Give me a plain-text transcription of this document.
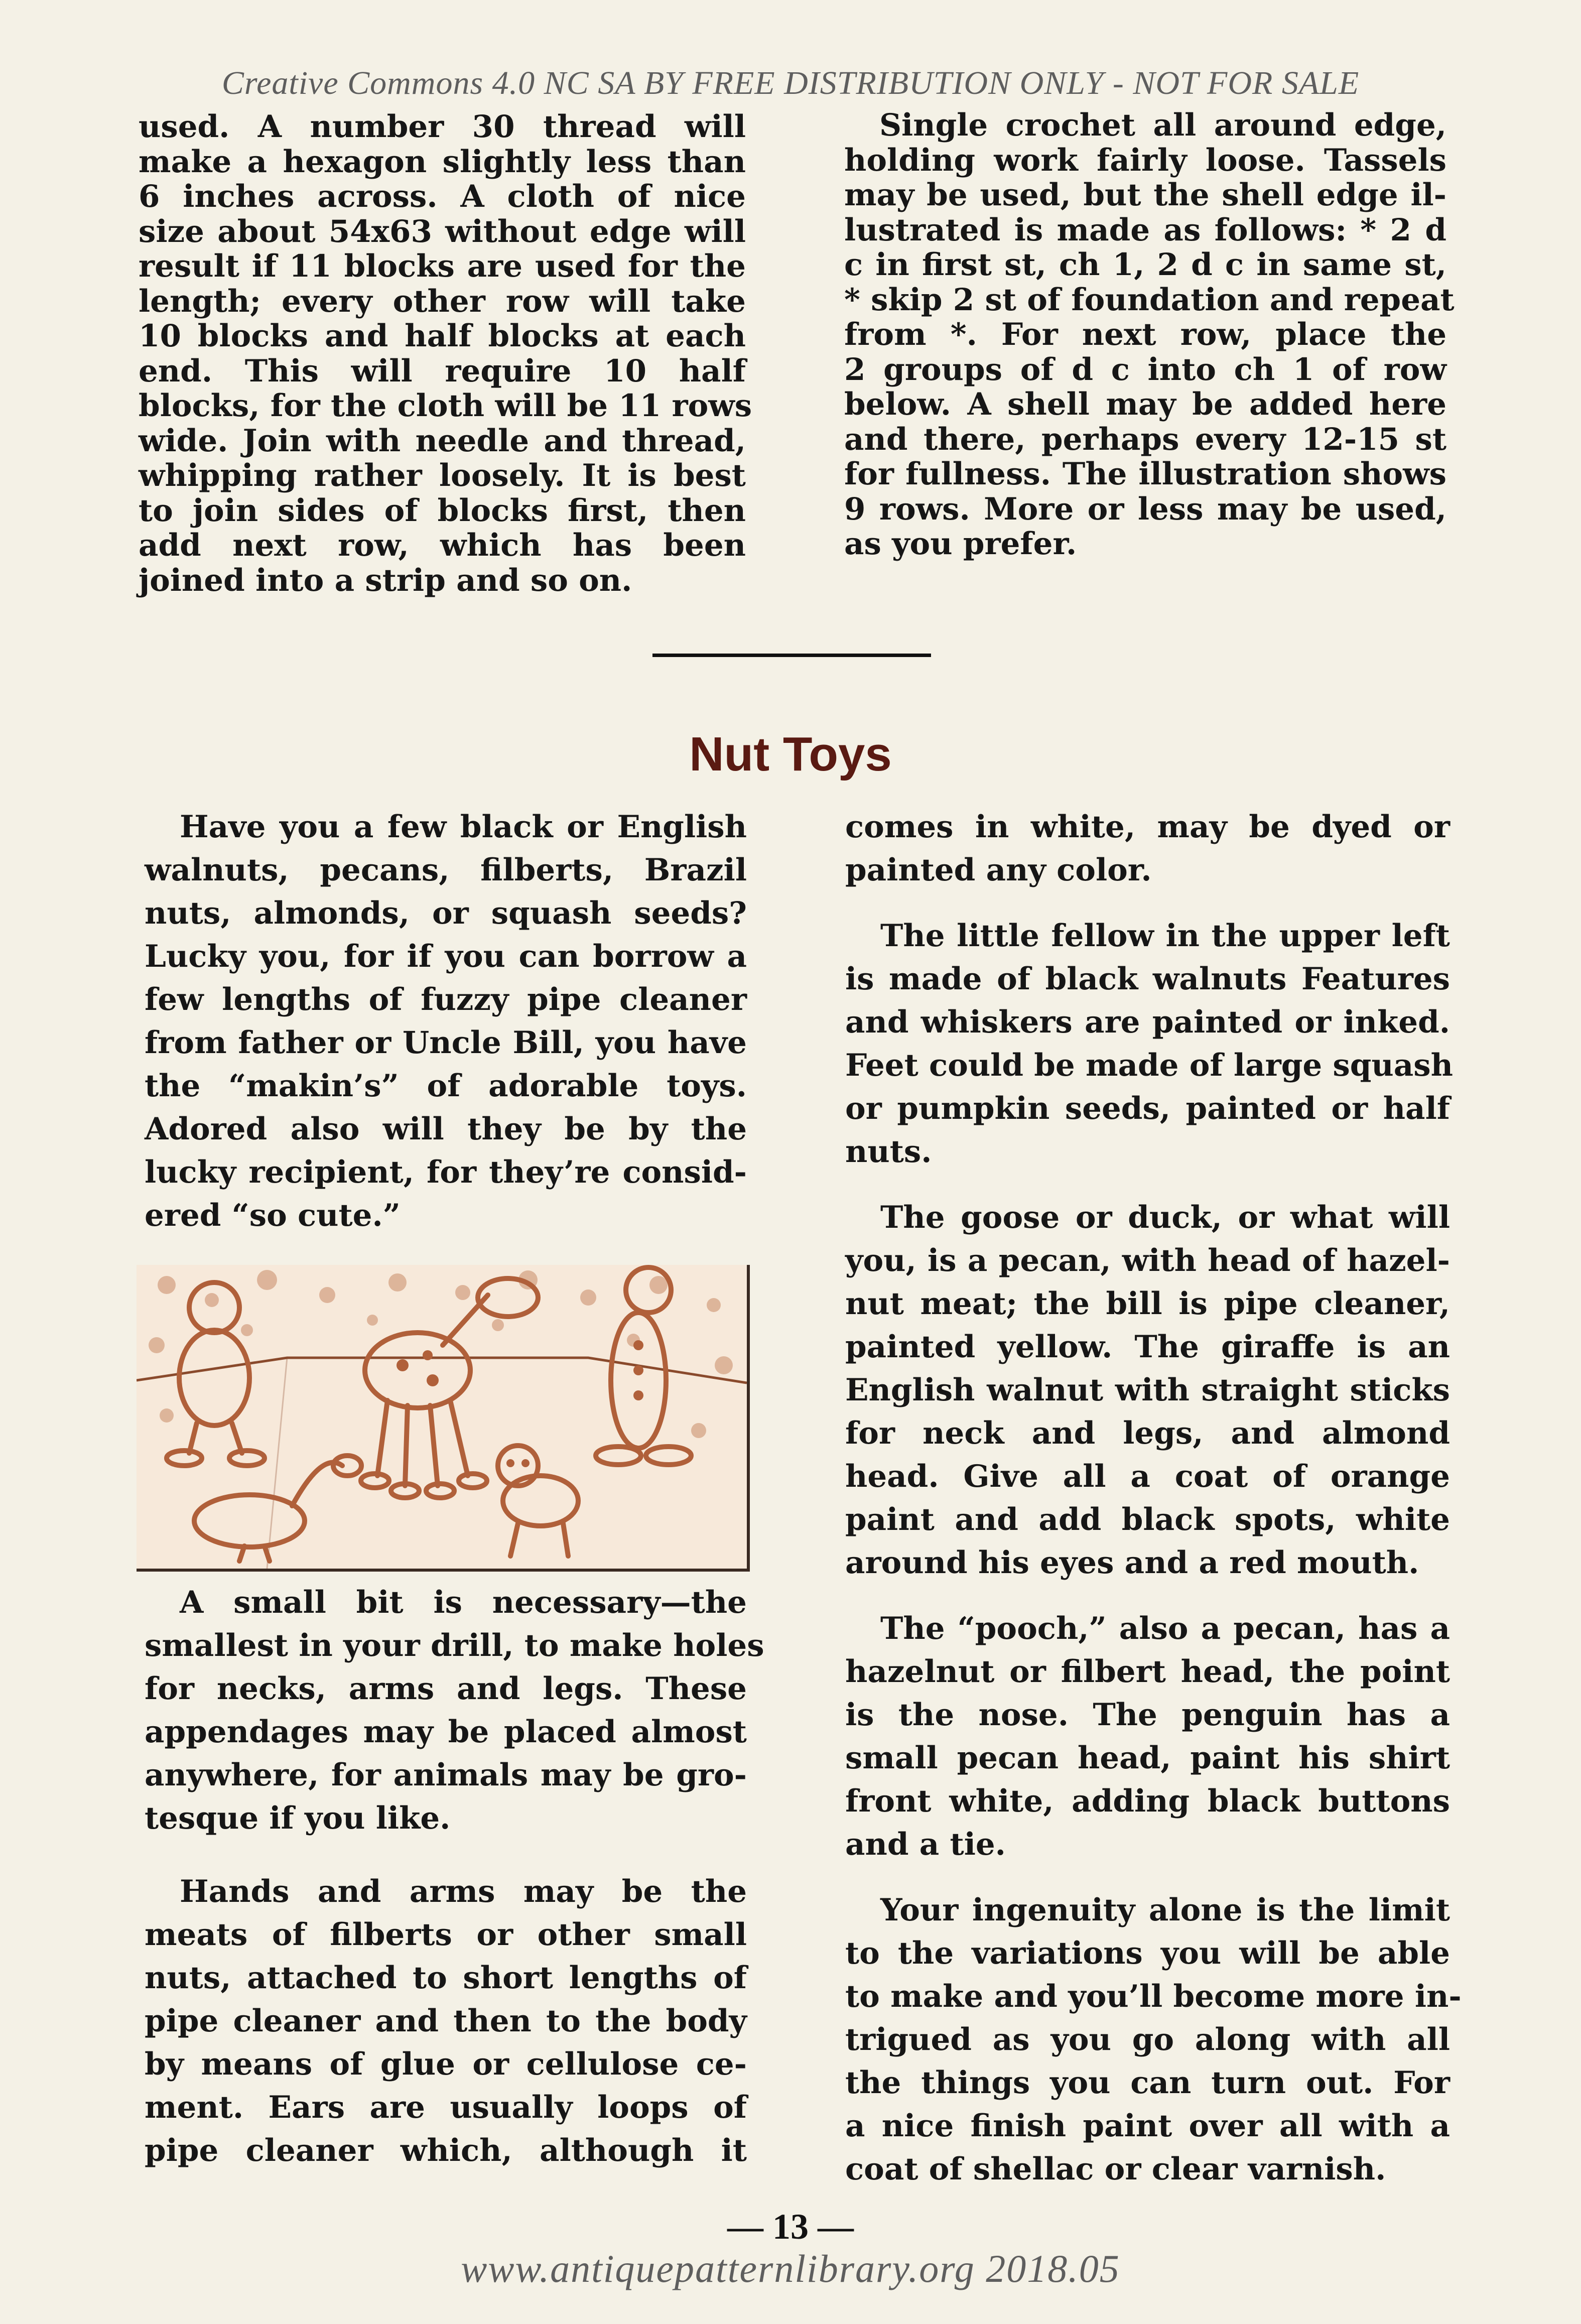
Creative Commons 4.0 NC SA BY FREE DISTRIBUTION ONLY - NOT FOR SALE

used. A number 30 thread will

make a hexagon slightly less than

6 inches across. A cloth of nice

size about 54x63 without edge will

result if 11 blocks are used for the

length; every other row will take

10 blocks and half blocks at each

end. This will require 10 half

blocks, for the cloth will be 11 rows

wide. Join with needle and thread,

whipping rather loosely. It is best

to join sides of blocks first, then

add next row, which has been

joined into a strip and so on.

Single crochet all around edge,

holding work fairly loose. Tassels

may be used, but the shell edge il-

lustrated is made as follows: * 2 d

c in first st, ch 1, 2 d c in same st,

* skip 2 st of foundation and repeat

from *. For next row, place the

2 groups of d c into ch 1 of row

below. A shell may be added here

and there, perhaps every 12-15 st

for fullness. The illustration shows

9 rows. More or less may be used,

as you prefer.

Nut Toys

Have you a few black or English

walnuts, pecans, filberts, Brazil

nuts, almonds, or squash seeds?

Lucky you, for if you can borrow a

few lengths of fuzzy pipe cleaner

from father or Uncle Bill, you have

the “makin’s” of adorable toys.

Adored also will they be by the

lucky recipient, for they’re consid-

ered “so cute.”

A small bit is necessary—the

smallest in your drill, to make holes

for necks, arms and legs. These

appendages may be placed almost

anywhere, for animals may be gro-

tesque if you like.

Hands and arms may be the

meats of filberts or other small

nuts, attached to short lengths of

pipe cleaner and then to the body

by means of glue or cellulose ce-

ment. Ears are usually loops of

pipe cleaner which, although it

comes in white, may be dyed or

painted any color.

The little fellow in the upper left

is made of black walnuts Features

and whiskers are painted or inked.

Feet could be made of large squash

or pumpkin seeds, painted or half

nuts.

The goose or duck, or what will

you, is a pecan, with head of hazel-

nut meat; the bill is pipe cleaner,

painted yellow. The giraffe is an

English walnut with straight sticks

for neck and legs, and almond

head. Give all a coat of orange

paint and add black spots, white

around his eyes and a red mouth.

The “pooch,” also a pecan, has a

hazelnut or filbert head, the point

is the nose. The penguin has a

small pecan head, paint his shirt

front white, adding black buttons

and a tie.

Your ingenuity alone is the limit

to the variations you will be able

to make and you’ll become more in-

trigued as you go along with all

the things you can turn out. For

a nice finish paint over all with a

coat of shellac or clear varnish.

— 13 —
www.antiquepatternlibrary.org 2018.05
